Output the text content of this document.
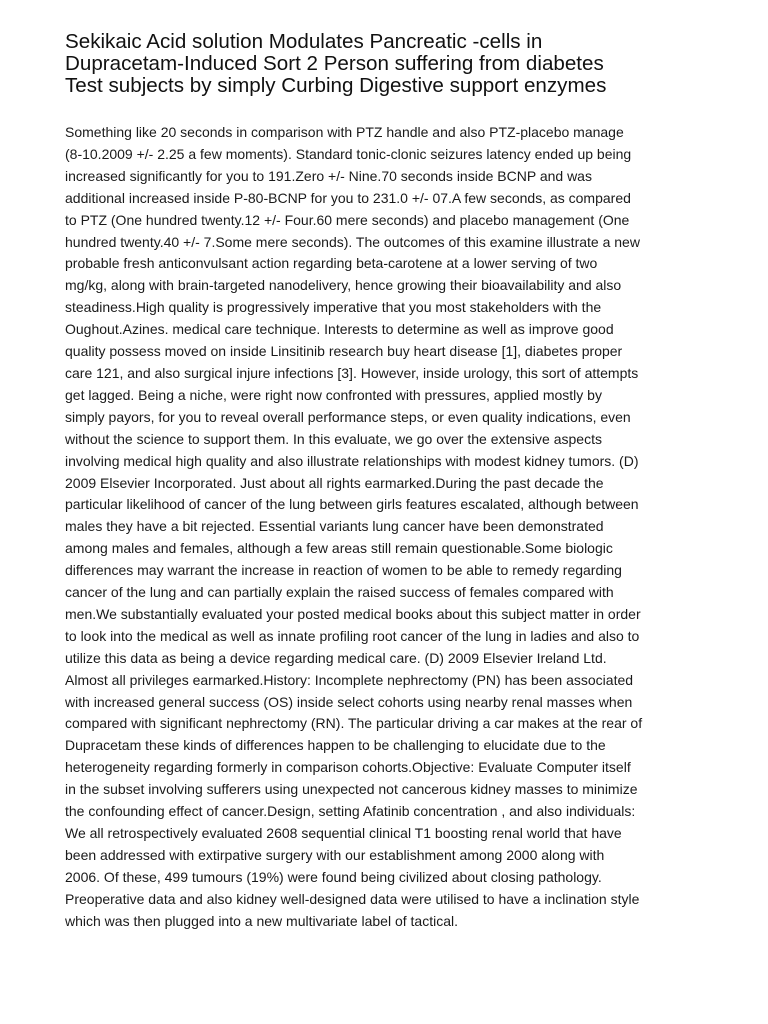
Sekikaic Acid solution Modulates Pancreatic -cells in
Dupracetam-Induced Sort 2 Person suffering from diabetes
Test subjects by simply Curbing Digestive support enzymes
Something like 20 seconds in comparison with PTZ handle and also PTZ-placebo manage
(8-10.2009 +/- 2.25 a few moments). Standard tonic-clonic seizures latency ended up being
increased significantly for you to 191.Zero +/- Nine.70 seconds inside BCNP and was
additional increased inside P-80-BCNP for you to 231.0 +/- 07.A few seconds, as compared
to PTZ (One hundred twenty.12 +/- Four.60 mere seconds) and placebo management (One
hundred twenty.40 +/- 7.Some mere seconds). The outcomes of this examine illustrate a new
probable fresh anticonvulsant action regarding beta-carotene at a lower serving of two
mg/kg, along with brain-targeted nanodelivery, hence growing their bioavailability and also
steadiness.High quality is progressively imperative that you most stakeholders with the
Oughout.Azines. medical care technique. Interests to determine as well as improve good
quality possess moved on inside Linsitinib research buy heart disease [1], diabetes proper
care 121, and also surgical injure infections [3]. However, inside urology, this sort of attempts
get lagged. Being a niche, were right now confronted with pressures, applied mostly by
simply payors, for you to reveal overall performance steps, or even quality indications, even
without the science to support them. In this evaluate, we go over the extensive aspects
involving medical high quality and also illustrate relationships with modest kidney tumors. (D)
2009 Elsevier Incorporated. Just about all rights earmarked.During the past decade the
particular likelihood of cancer of the lung between girls features escalated, although between
males they have a bit rejected. Essential variants lung cancer have been demonstrated
among males and females, although a few areas still remain questionable.Some biologic
differences may warrant the increase in reaction of women to be able to remedy regarding
cancer of the lung and can partially explain the raised success of females compared with
men.We substantially evaluated your posted medical books about this subject matter in order
to look into the medical as well as innate profiling root cancer of the lung in ladies and also to
utilize this data as being a device regarding medical care. (D) 2009 Elsevier Ireland Ltd.
Almost all privileges earmarked.History: Incomplete nephrectomy (PN) has been associated
with increased general success (OS) inside select cohorts using nearby renal masses when
compared with significant nephrectomy (RN). The particular driving a car makes at the rear of
Dupracetam these kinds of differences happen to be challenging to elucidate due to the
heterogeneity regarding formerly in comparison cohorts.Objective: Evaluate Computer itself
in the subset involving sufferers using unexpected not cancerous kidney masses to minimize
the confounding effect of cancer.Design, setting Afatinib concentration , and also individuals:
We all retrospectively evaluated 2608 sequential clinical T1 boosting renal world that have
been addressed with extirpative surgery with our establishment among 2000 along with
2006. Of these, 499 tumours (19%) were found being civilized about closing pathology.
Preoperative data and also kidney well-designed data were utilised to have a inclination style
which was then plugged into a new multivariate label of tactical.
